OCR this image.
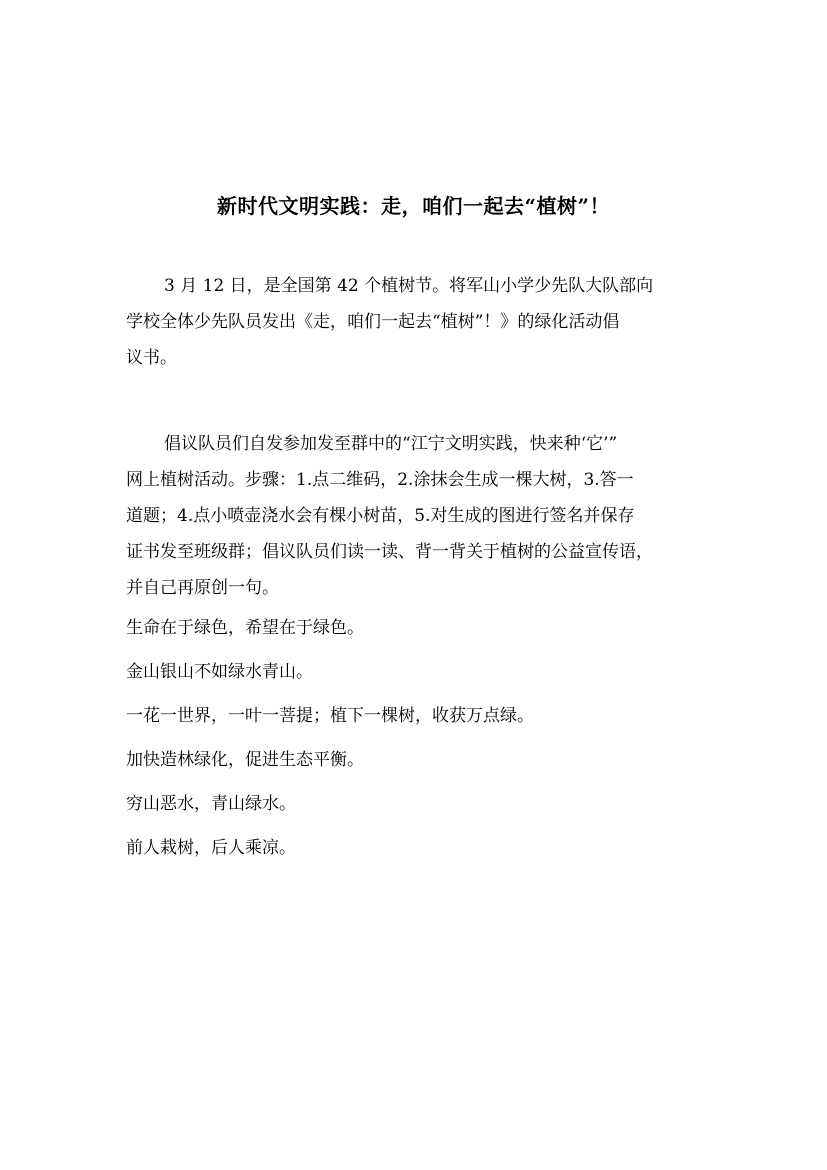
新时代文明实践：走，咱们一起去“植树”！
3 月 12 日，是全国第 42 个植树节。将军山小学少先队大队部向
学校全体少先队员发出《走，咱们一起去“植树”！》的绿化活动倡
议书。
倡议队员们自发参加发至群中的“江宁文明实践，快来种‘它’”
网上植树活动。步骤：1.点二维码，2.涂抹会生成一棵大树，3.答一
道题；4.点小喷壶浇水会有棵小树苗，5.对生成的图进行签名并保存
证书发至班级群；倡议队员们读一读、背一背关于植树的公益宣传语，
并自己再原创一句。

生命在于绿色，希望在于绿色。

金山银山不如绿水青山。

一花一世界，一叶一菩提；植下一棵树，收获万点绿。

加快造林绿化，促进生态平衡。

穷山恶水，青山绿水。

前人栽树，后人乘凉。
